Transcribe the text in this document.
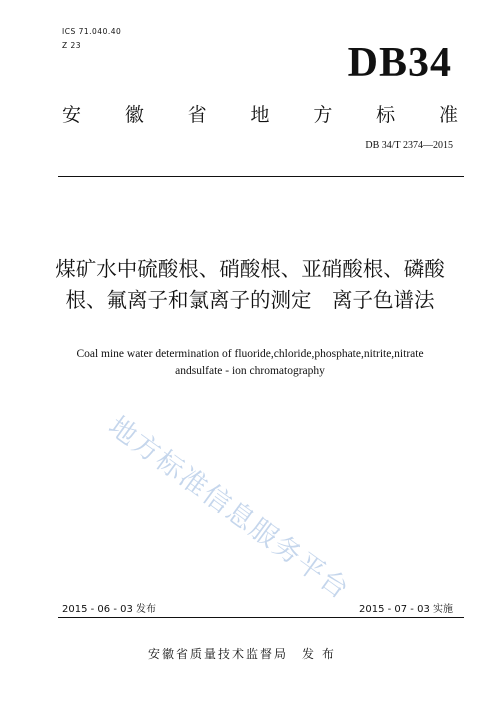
ICS 71.040.40
Z 23	DB34
安 徽 省 地 方 标 准
DB 34/T 2374—2015
煤矿水中硫酸根、硝酸根、亚硝酸根、磷酸
根、氟离子和氯离子的测定　离子色谱法
Coal mine water determination of fluoride,chloride,phosphate,nitrite,nitrate
andsulfate - ion chromatography
地方标准信息服务平台
2015 - 06 - 03 发布	2015 - 07 - 03 实施
安徽省质量技术监督局　发 布
